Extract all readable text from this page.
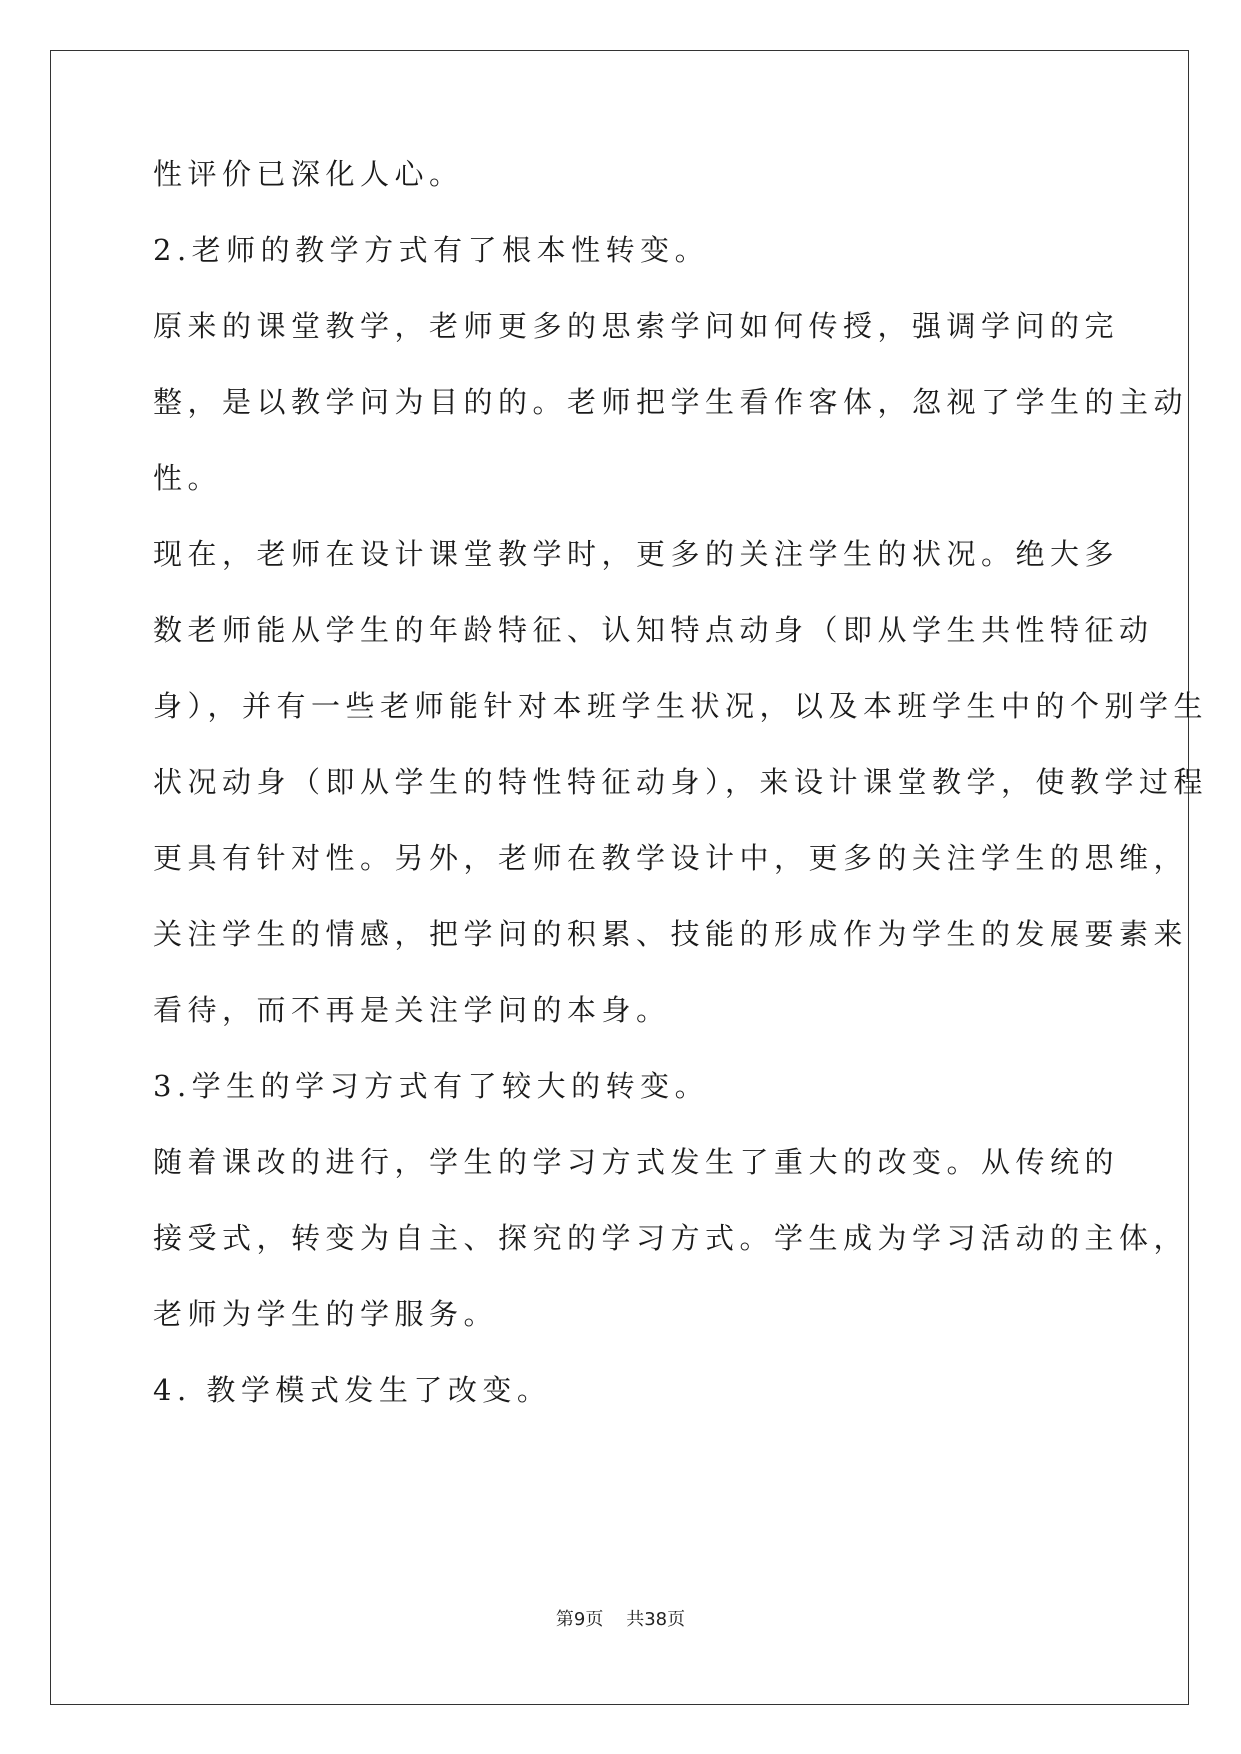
性评价已深化人心。

2.老师的教学方式有了根本性转变。

原来的课堂教学，老师更多的思索学问如何传授，强调学问的完

整，是以教学问为目的的。老师把学生看作客体，忽视了学生的主动

性。

现在，老师在设计课堂教学时，更多的关注学生的状况。绝大多

数老师能从学生的年龄特征、认知特点动身（即从学生共性特征动

身），并有一些老师能针对本班学生状况，以及本班学生中的个别学生

状况动身（即从学生的特性特征动身），来设计课堂教学，使教学过程

更具有针对性。另外，老师在教学设计中，更多的关注学生的思维，

关注学生的情感，把学问的积累、技能的形成作为学生的发展要素来

看待，而不再是关注学问的本身。

3.学生的学习方式有了较大的转变。

随着课改的进行，学生的学习方式发生了重大的改变。从传统的

接受式，转变为自主、探究的学习方式。学生成为学习活动的主体，

老师为学生的学服务。

4. 教学模式发生了改变。

第9页    共38页
